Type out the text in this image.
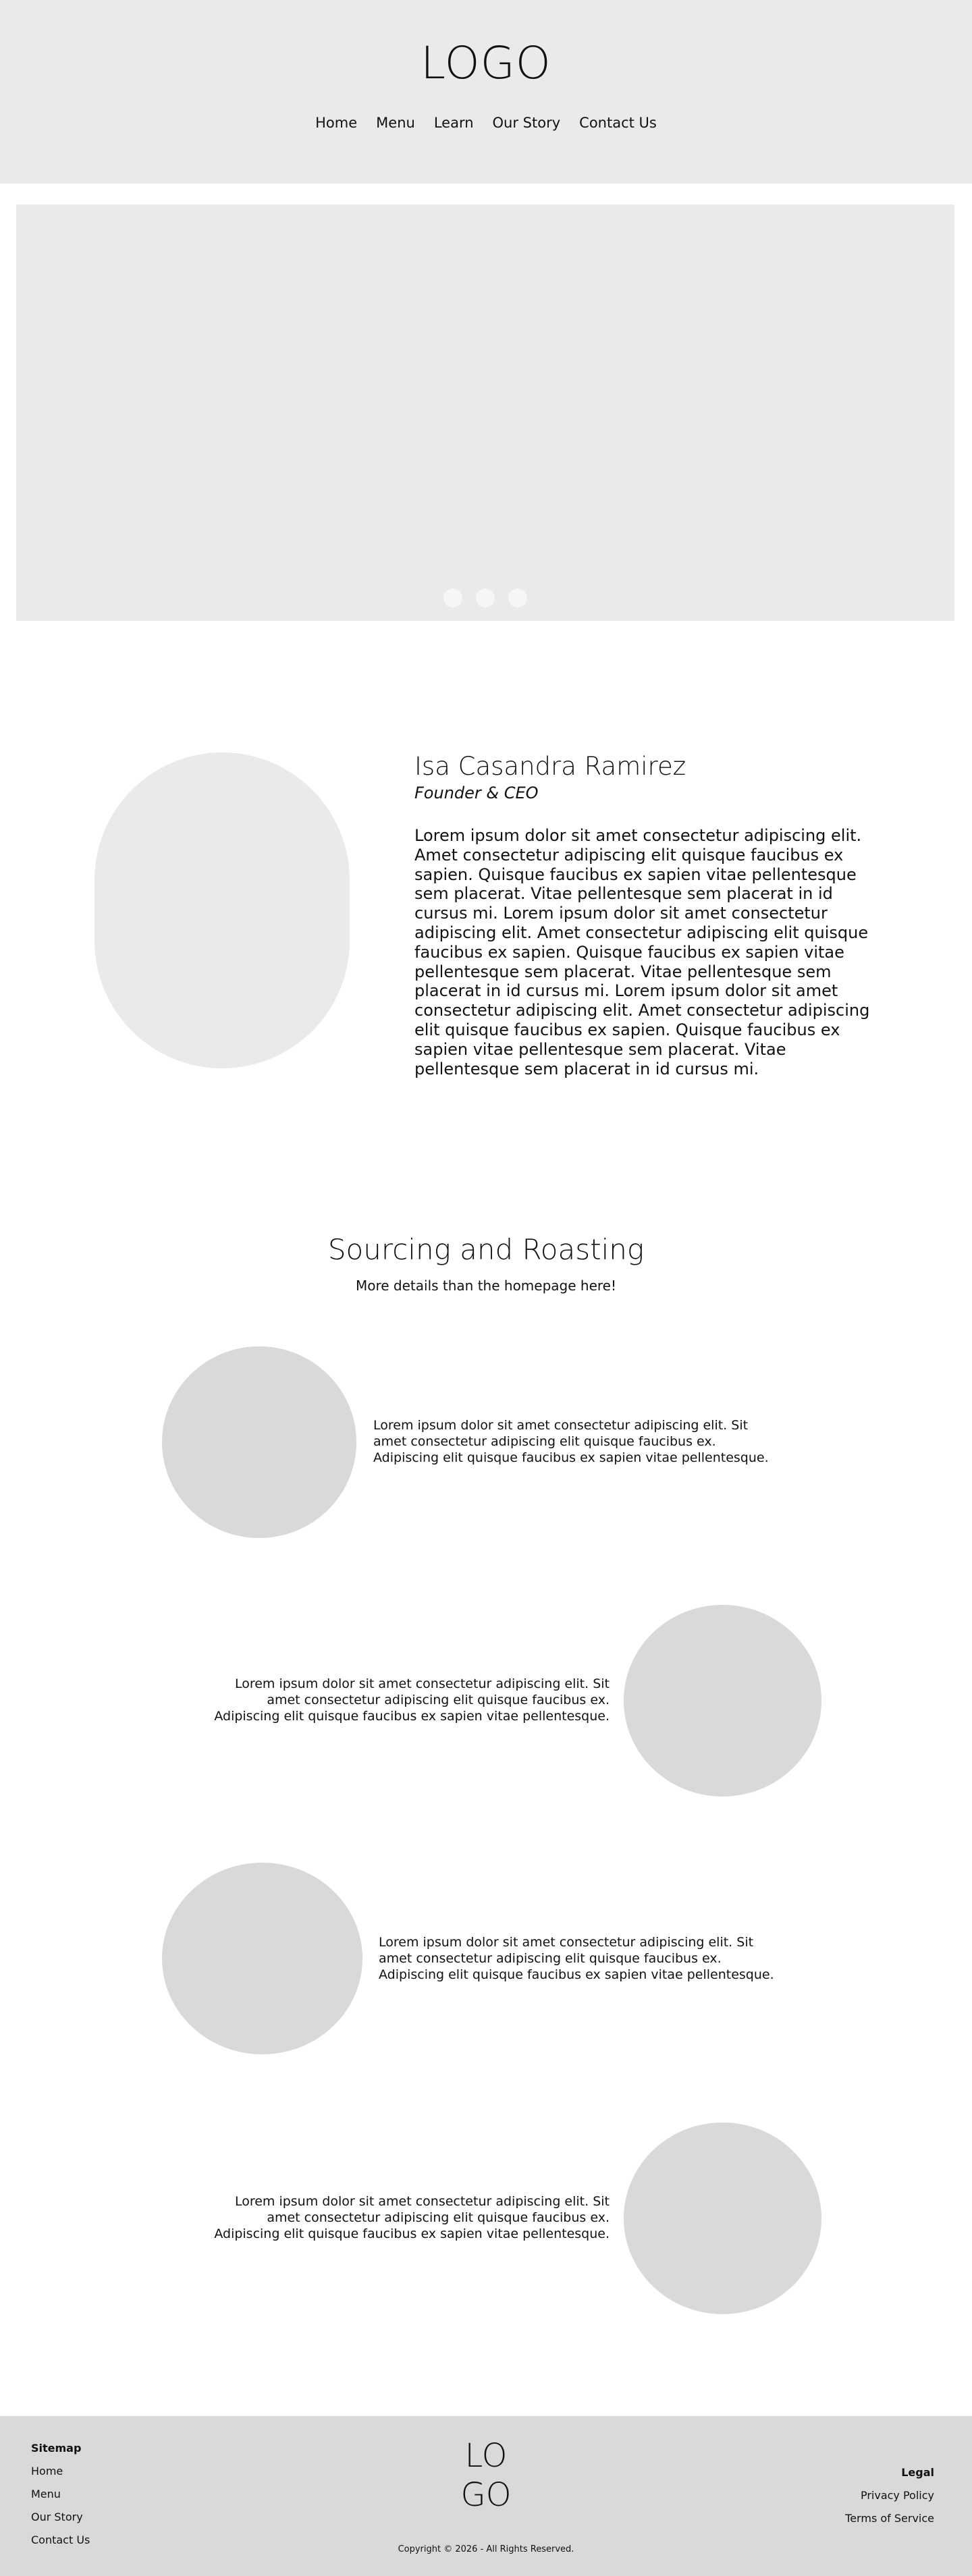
LOGO
Home Menu Learn Our Story Contact Us
Isa Casandra Ramirez
Founder & CEO

Lorem ipsum dolor sit amet consectetur adipiscing elit. Amet consectetur adipiscing elit quisque faucibus ex sapien. Quisque faucibus ex sapien vitae pellentesque sem placerat. Vitae pellentesque sem placerat in id cursus mi. Lorem ipsum dolor sit amet consectetur adipiscing elit. Amet consectetur adipiscing elit quisque faucibus ex sapien. Quisque faucibus ex sapien vitae pellentesque sem placerat. Vitae pellentesque sem placerat in id cursus mi. Lorem ipsum dolor sit amet consectetur adipiscing elit. Amet consectetur adipiscing elit quisque faucibus ex sapien. Quisque faucibus ex sapien vitae pellentesque sem placerat. Vitae pellentesque sem placerat in id cursus mi.

Sourcing and Roasting

More details than the homepage here!

Lorem ipsum dolor sit amet consectetur adipiscing elit. Sit amet consectetur adipiscing elit quisque faucibus ex. Adipiscing elit quisque faucibus ex sapien vitae pellentesque.

Lorem ipsum dolor sit amet consectetur adipiscing elit. Sit amet consectetur adipiscing elit quisque faucibus ex. Adipiscing elit quisque faucibus ex sapien vitae pellentesque.

Lorem ipsum dolor sit amet consectetur adipiscing elit. Sit amet consectetur adipiscing elit quisque faucibus ex. Adipiscing elit quisque faucibus ex sapien vitae pellentesque.

Lorem ipsum dolor sit amet consectetur adipiscing elit. Sit amet consectetur adipiscing elit quisque faucibus ex. Adipiscing elit quisque faucibus ex sapien vitae pellentesque.

Sitemap
Home
Menu
Our Story
Contact Us
LO
GO
Copyright © 2026 - All Rights Reserved.
Legal
Privacy Policy
Terms of Service
